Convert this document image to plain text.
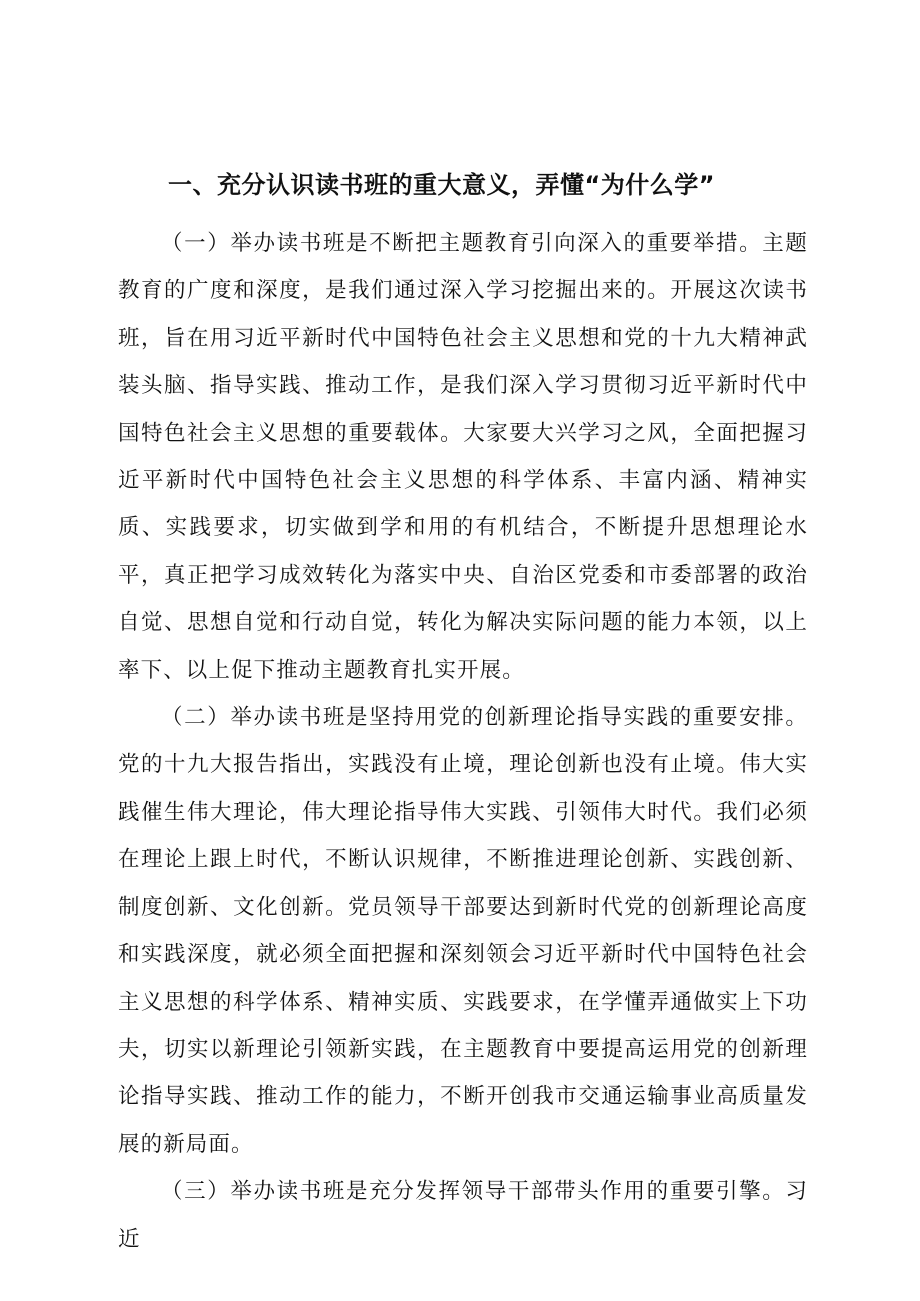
一、充分认识读书班的重大意义，弄懂“为什么学”

（一）举办读书班是不断把主题教育引向深入的重要举措。主题教育的广度和深度，是我们通过深入学习挖掘出来的。开展这次读书班，旨在用习近平新时代中国特色社会主义思想和党的十九大精神武装头脑、指导实践、推动工作，是我们深入学习贯彻习近平新时代中国特色社会主义思想的重要载体。大家要大兴学习之风，全面把握习近平新时代中国特色社会主义思想的科学体系、丰富内涵、精神实质、实践要求，切实做到学和用的有机结合，不断提升思想理论水平，真正把学习成效转化为落实中央、自治区党委和市委部署的政治自觉、思想自觉和行动自觉，转化为解决实际问题的能力本领，以上率下、以上促下推动主题教育扎实开展。

（二）举办读书班是坚持用党的创新理论指导实践的重要安排。党的十九大报告指出，实践没有止境，理论创新也没有止境。伟大实践催生伟大理论，伟大理论指导伟大实践、引领伟大时代。我们必须在理论上跟上时代，不断认识规律，不断推进理论创新、实践创新、制度创新、文化创新。党员领导干部要达到新时代党的创新理论高度和实践深度，就必须全面把握和深刻领会习近平新时代中国特色社会主义思想的科学体系、精神实质、实践要求，在学懂弄通做实上下功夫，切实以新理论引领新实践，在主题教育中要提高运用党的创新理论指导实践、推动工作的能力，不断开创我市交通运输事业高质量发展的新局面。

（三）举办读书班是充分发挥领导干部带头作用的重要引擎。习近
